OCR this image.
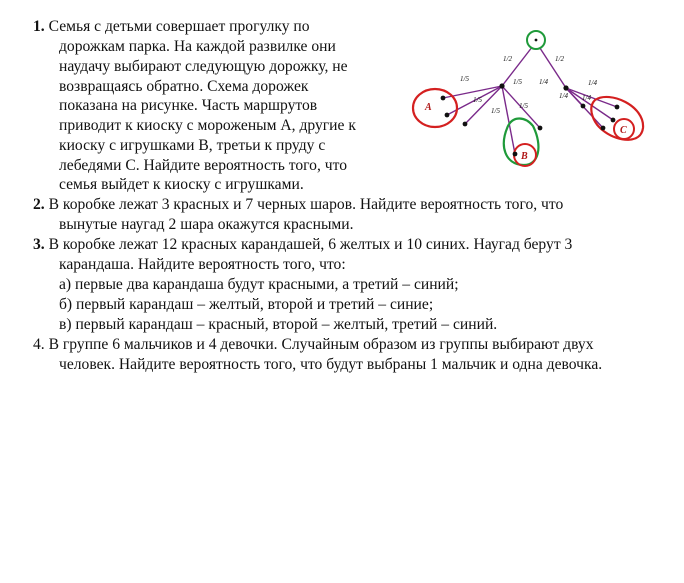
1. Семья с детьми совершает прогулку по
дорожкам парка. На каждой развилке они
наудачу выбирают следующую дорожку, не
возвращаясь обратно. Схема дорожек
показана на рисунке. Часть маршрутов
приводит к киоску с мороженым A, другие к
киоску с игрушками B, третьи к пруду с
лебедями C. Найдите вероятность того, что
семья выйдет к киоску с игрушками.
2. В коробке лежат 3 красных и 7 черных шаров. Найдите вероятность того, что
вынутые наугад 2 шара окажутся красными.
3. В коробке лежат 12 красных карандашей, 6 желтых и 10 синих. Наугад берут 3
карандаша. Найдите вероятность того, что:
а) первые два карандаша будут красными, а третий – синий;
б) первый карандаш – желтый, второй и третий – синие;
в) первый карандаш – красный, второй – желтый, третий – синий.
4. В группе 6 мальчиков и 4 девочки. Случайным образом из группы выбирают двух
человек. Найдите вероятность того, что будут выбраны 1 мальчик и одна девочка.
A
B
C
1/2	1/2
1/5
1/5
1/5
1/5
1/5
1/4	1/4
1/4 1/4
